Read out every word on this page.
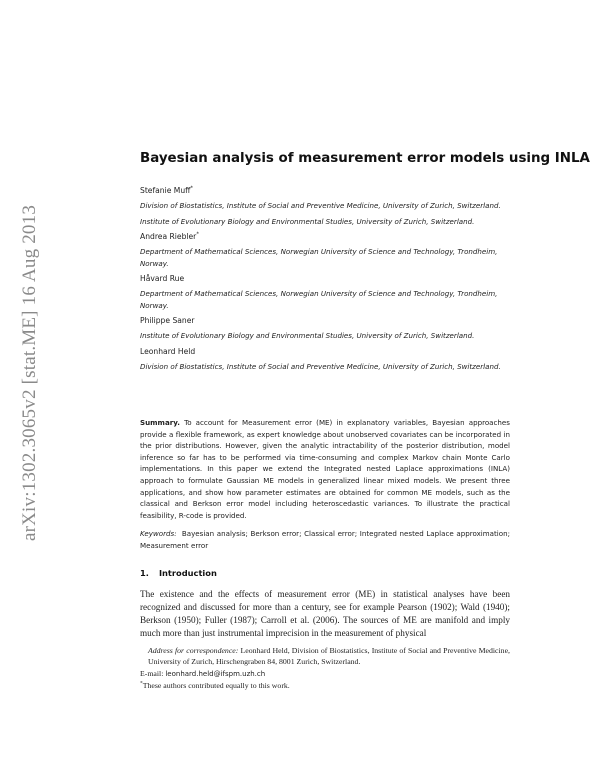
arXiv:1302.3065v2 [stat.ME] 16 Aug 2013
Bayesian analysis of measurement error models using INLA
Stefanie Muff*
Division of Biostatistics, Institute of Social and Preventive Medicine, University of Zurich, Switzerland.
Institute of Evolutionary Biology and Environmental Studies, University of Zurich, Switzerland.
Andrea Riebler*
Department of Mathematical Sciences, Norwegian University of Science and Technology, Trondheim, Norway.
Håvard Rue
Department of Mathematical Sciences, Norwegian University of Science and Technology, Trondheim, Norway.
Philippe Saner
Institute of Evolutionary Biology and Environmental Studies, University of Zurich, Switzerland.
Leonhard Held
Division of Biostatistics, Institute of Social and Preventive Medicine, University of Zurich, Switzerland.
Summary. To account for Measurement error (ME) in explanatory variables, Bayesian approaches provide a flexible framework, as expert knowledge about unobserved covariates can be incorporated in the prior distributions. However, given the analytic intractability of the posterior distribution, model inference so far has to be performed via time-consuming and complex Markov chain Monte Carlo implementations. In this paper we extend the Integrated nested Laplace approximations (INLA) approach to formulate Gaussian ME models in generalized linear mixed models. We present three applications, and show how parameter estimates are obtained for common ME models, such as the classical and Berkson error model including heteroscedastic variances. To illustrate the practical feasibility, R-code is provided.
Keywords: Bayesian analysis; Berkson error; Classical error; Integrated nested Laplace approximation; Measurement error
1. Introduction
The existence and the effects of measurement error (ME) in statistical analyses have been recognized and discussed for more than a century, see for example Pearson (1902); Wald (1940); Berkson (1950); Fuller (1987); Carroll et al. (2006). The sources of ME are manifold and imply much more than just instrumental imprecision in the measurement of physical
Address for correspondence: Leonhard Held, Division of Biostatistics, Institute of Social and Preventive Medicine, University of Zurich, Hirschengraben 84, 8001 Zurich, Switzerland.
E-mail: leonhard.held@ifspm.uzh.ch
*These authors contributed equally to this work.
